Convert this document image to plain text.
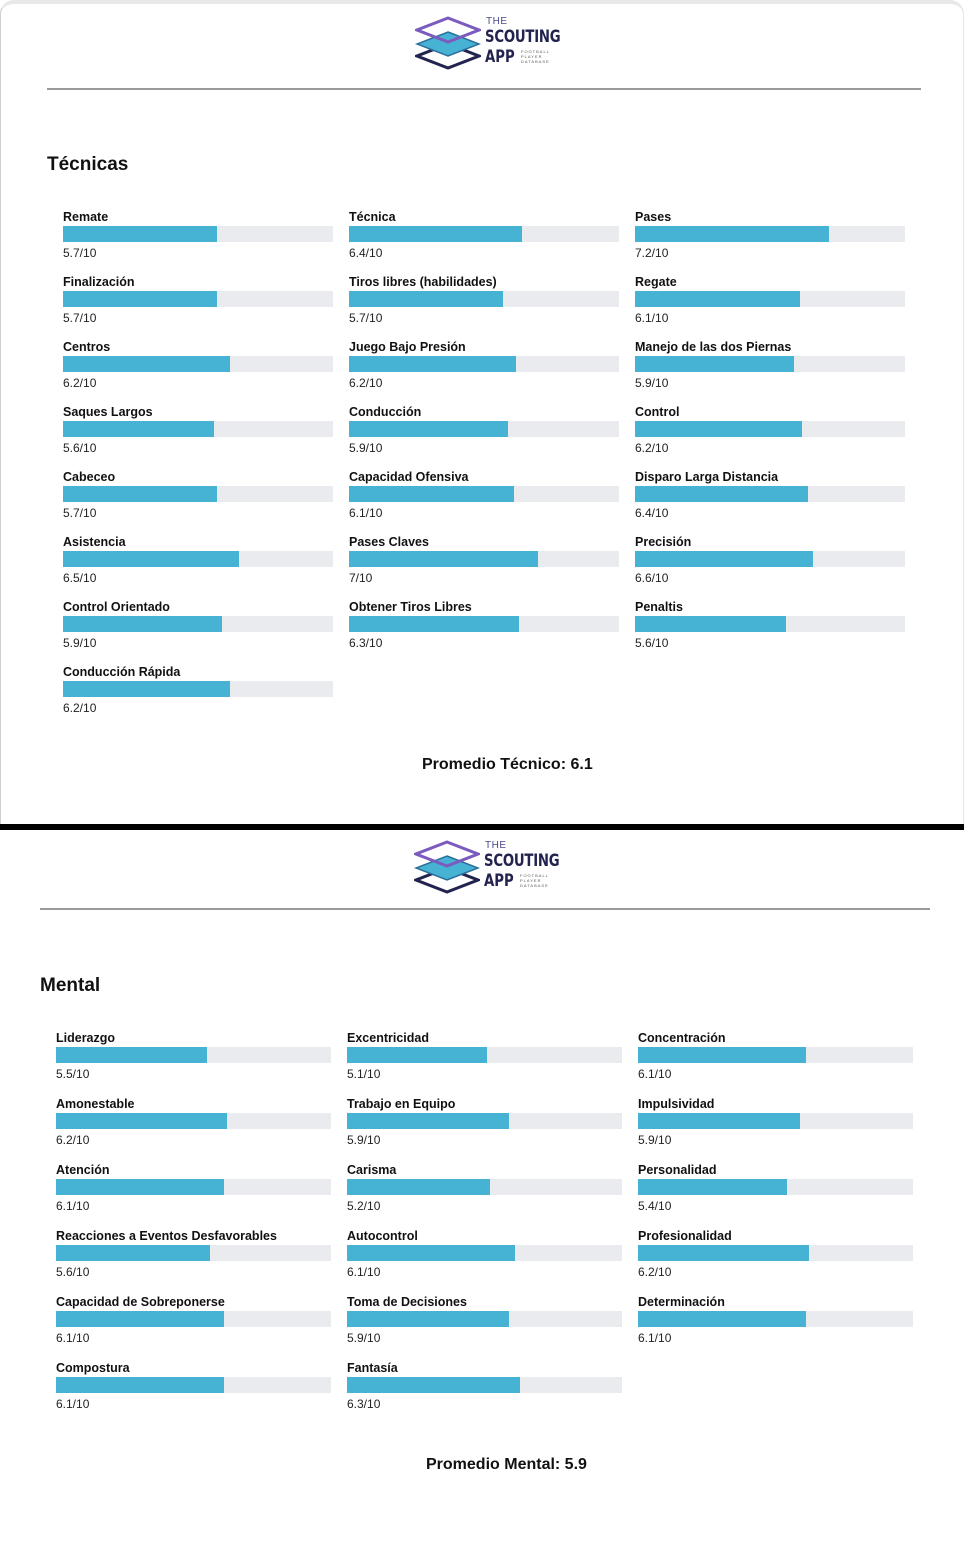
THE
SCOUTING
APP FOOTBALL
PLAYER
DATABASE
Técnicas
Remate
5.7/10
Finalización
5.7/10
Centros
6.2/10
Saques Largos
5.6/10
Cabeceo
5.7/10
Asistencia
6.5/10
Control Orientado
5.9/10
Conducción Rápida
6.2/10
Técnica
6.4/10
Tiros libres (habilidades)
5.7/10
Juego Bajo Presión
6.2/10
Conducción
5.9/10
Capacidad Ofensiva
6.1/10
Pases Claves
7/10
Obtener Tiros Libres
6.3/10
Pases
7.2/10
Regate
6.1/10
Manejo de las dos Piernas
5.9/10
Control
6.2/10
Disparo Larga Distancia
6.4/10
Precisión
6.6/10
Penaltis
5.6/10
Promedio Técnico: 6.1
THE
SCOUTING
APP FOOTBALL
PLAYER
DATABASE
Mental
Liderazgo
5.5/10
Amonestable
6.2/10
Atención
6.1/10
Reacciones a Eventos Desfavorables
5.6/10
Capacidad de Sobreponerse
6.1/10
Compostura
6.1/10
Excentricidad
5.1/10
Trabajo en Equipo
5.9/10
Carisma
5.2/10
Autocontrol
6.1/10
Toma de Decisiones
5.9/10
Fantasía
6.3/10
Concentración
6.1/10
Impulsividad
5.9/10
Personalidad
5.4/10
Profesionalidad
6.2/10
Determinación
6.1/10
Promedio Mental: 5.9
